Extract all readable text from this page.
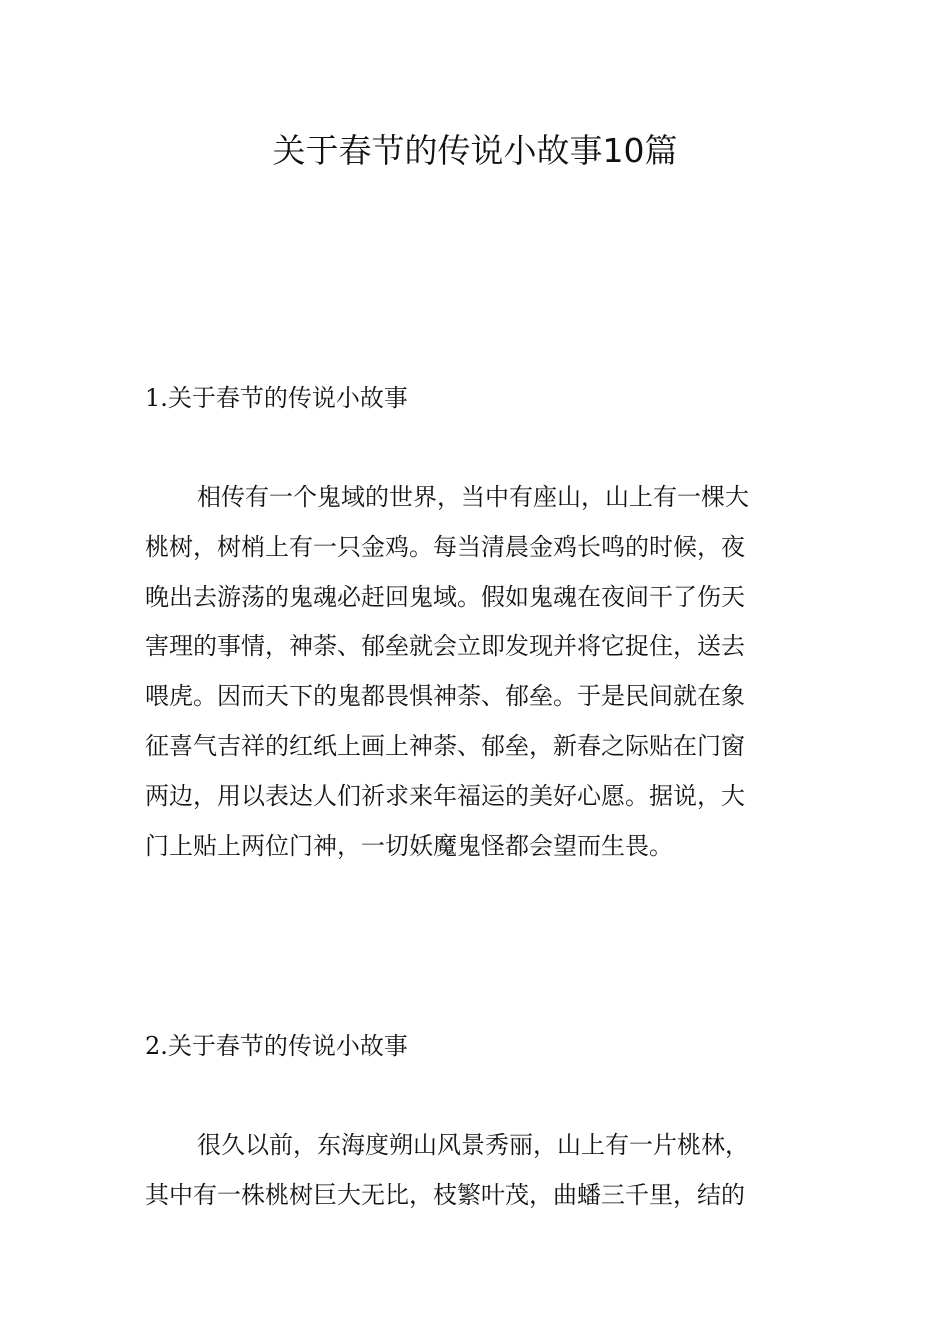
关于春节的传说小故事10篇
1.关于春节的传说小故事

相传有一个鬼域的世界，当中有座山，山上有一棵大
桃树，树梢上有一只金鸡。每当清晨金鸡长鸣的时候，夜
晚出去游荡的鬼魂必赶回鬼域。假如鬼魂在夜间干了伤天
害理的事情，神荼、郁垒就会立即发现并将它捉住，送去
喂虎。因而天下的鬼都畏惧神荼、郁垒。于是民间就在象
征喜气吉祥的红纸上画上神荼、郁垒，新春之际贴在门窗
两边，用以表达人们祈求来年福运的美好心愿。据说，大
门上贴上两位门神，一切妖魔鬼怪都会望而生畏。

2.关于春节的传说小故事

很久以前，东海度朔山风景秀丽，山上有一片桃林，
其中有一株桃树巨大无比，枝繁叶茂，曲蟠三千里，结的
